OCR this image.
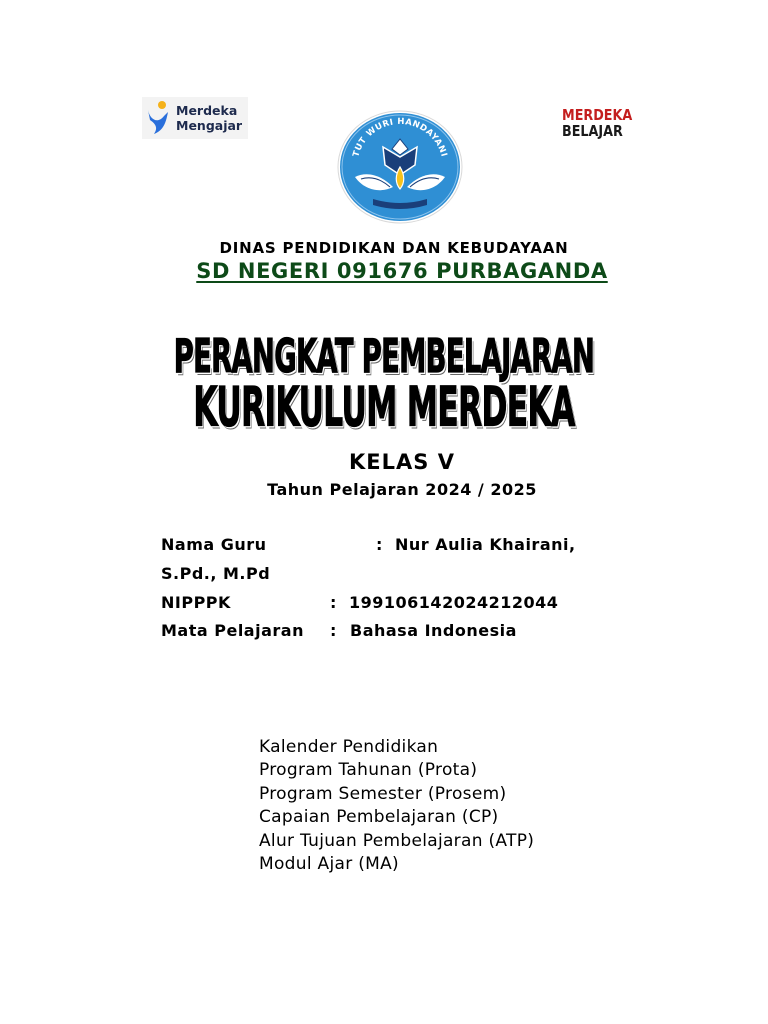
Merdeka
Mengajar
TUT WURI HANDAYANI
MERDEKA
BELAJAR
DINAS PENDIDIKAN DAN KEBUDAYAAN
SD NEGERI 091676 PURBAGANDA
PERANGKAT PEMBELAJARAN
KURIKULUM MERDEKA
KELAS V
Tahun Pelajaran 2024 / 2025
Nama Guru	: Nur Aulia Khairani,
S.Pd., M.Pd
NIPPPK	: 199106142024212044
Mata Pelajaran : Bahasa Indonesia
Kalender Pendidikan
Program Tahunan (Prota)
Program Semester (Prosem)
Capaian Pembelajaran (CP)
Alur Tujuan Pembelajaran (ATP)
Modul Ajar (MA)
